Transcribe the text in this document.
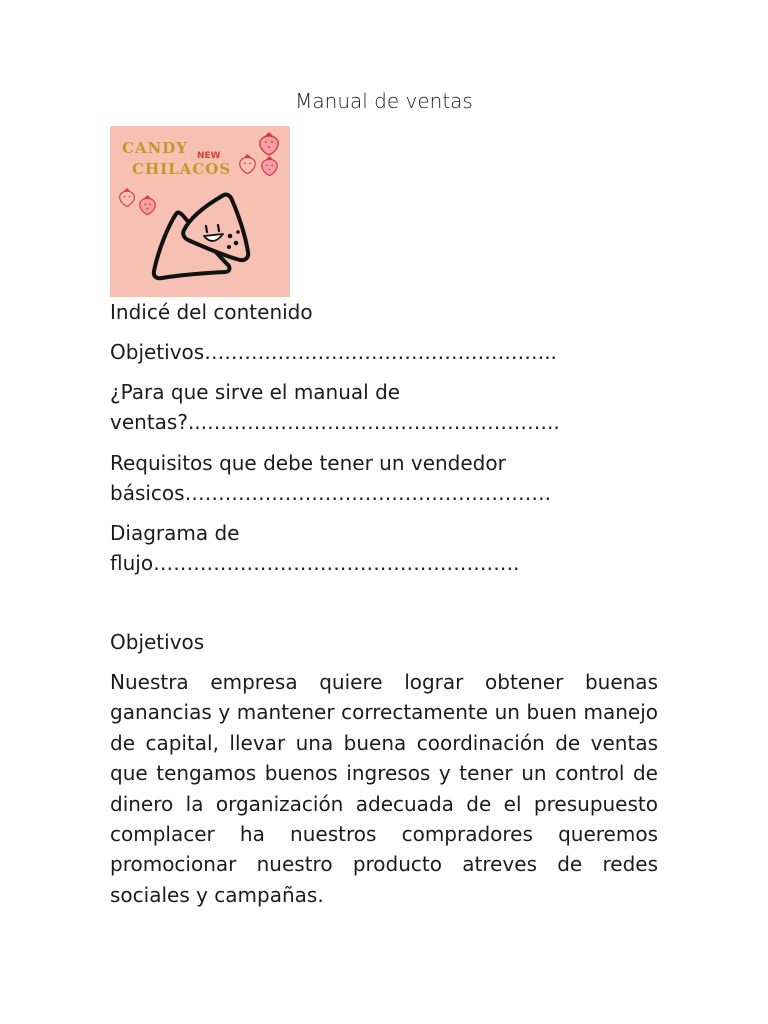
Manual de ventas
CANDY NEW
CHILACOS
Indicé del contenido
Objetivos……………………………………………..
¿Para que sirve el manual de
ventas?...……………………………………………..
Requisitos que debe tener un vendedor
básicos……………………………………………….
Diagrama de
flujo……………………………………………….
Objetivos

Nuestra empresa quiere lograr obtener buenas ganancias y mantener correctamente un buen manejo de capital, llevar una buena coordinación de ventas que tengamos buenos ingresos y tener un control de dinero la organización adecuada de el presupuesto complacer ha nuestros compradores queremos promocionar nuestro producto atreves de redes sociales y campañas.
